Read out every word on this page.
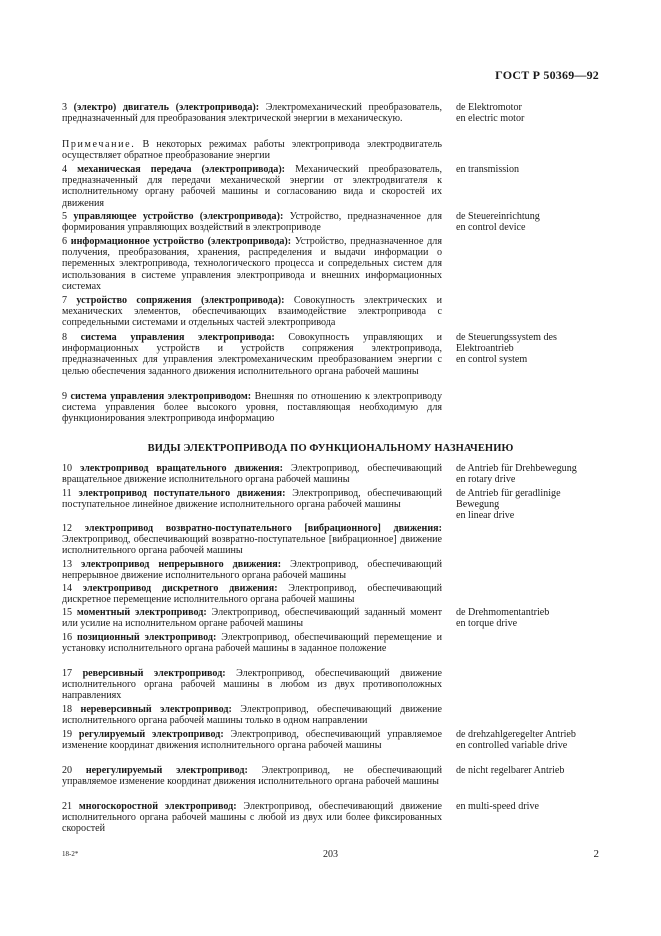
ГОСТ Р 50369—92
3 (электро) двигатель (электропривода): Электромеханический преобразователь, предназначенный для преобразования электрической энергии в механическую.
de Elektromotor
en electric motor
Примечание. В некоторых режимах работы электропривода электродвигатель осуществляет обратное преобразование энергии
4 механическая передача (электропривода): Механический преобразователь, предназначенный для передачи механической энергии от электродвигателя к исполнительному органу рабочей машины и согласованию вида и скоростей их движения
en transmission
5 управляющее устройство (электропривода): Устройство, предназначенное для формирования управляющих воздействий в электроприводе
de Steuereinrichtung
en control device
6 информационное устройство (электропривода): Устройство, предназначенное для получения, преобразования, хранения, распределения и выдачи информации о переменных электропривода, технологического процесса и сопредельных систем для использования в системе управления электропривода и внешних информационных системах
7 устройство сопряжения (электропривода): Совокупность электрических и механических элементов, обеспечивающих взаимодействие электропривода с сопредельными системами и отдельных частей электропривода
8 система управления электропривода: Совокупность управляющих и информационных устройств и устройств сопряжения электропривода, предназначенных для управления электромеханическим преобразованием энергии с целью обеспечения заданного движения исполнительного органа рабочей машины
de Steuerungssystem des
Elektroantrieb
en control system
9 система управления электроприводом: Внешняя по отношению к электроприводу система управления более высокого уровня, поставляющая необходимую для функционирования электропривода информацию
ВИДЫ ЭЛЕКТРОПРИВОДА ПО ФУНКЦИОНАЛЬНОМУ НАЗНАЧЕНИЮ
10 электропривод вращательного движения: Электропривод, обеспечивающий вращательное движение исполнительного органа рабочей машины
de Antrieb für Drehbewegung
en rotary drive
11 электропривод поступательного движения: Электропривод, обеспечивающий поступательное линейное движение исполнительного органа рабочей машины
de Antrieb für geradlinige
Bewegung
en linear drive
12 электропривод возвратно-поступательного [вибрационного] движения: Электропривод, обеспечивающий возвратно-поступательное [вибрационное] движение исполнительного органа рабочей машины
13 электропривод непрерывного движения: Электропривод, обеспечивающий непрерывное движение исполнительного органа рабочей машины
14 электропривод дискретного движения: Электропривод, обеспечивающий дискретное перемещение исполнительного органа рабочей машины
15 моментный электропривод: Электропривод, обеспечивающий заданный момент или усилие на исполнительном органе рабочей машины
de Drehmomentantrieb
en torque drive
16 позиционный электропривод: Электропривод, обеспечивающий перемещение и установку исполнительного органа рабочей машины в заданное положение
17 реверсивный электропривод: Электропривод, обеспечивающий движение исполнительного органа рабочей машины в любом из двух противоположных направлениях
18 нереверсивный электропривод: Электропривод, обеспечивающий движение исполнительного органа рабочей машины только в одном направлении
19 регулируемый электропривод: Электропривод, обеспечивающий управляемое изменение координат движения исполнительного органа рабочей машины
de drehzahlgeregelter Antrieb
en controlled variable drive
20 нерегулируемый электропривод: Электропривод, не обеспечивающий управляемое изменение координат движения исполнительного органа рабочей машины
de nicht regelbarer Antrieb
21 многоскоростной электропривод: Электропривод, обеспечивающий движение исполнительного органа рабочей машины с любой из двух или более фиксированных скоростей
en multi-speed drive
18-2*	203	2
